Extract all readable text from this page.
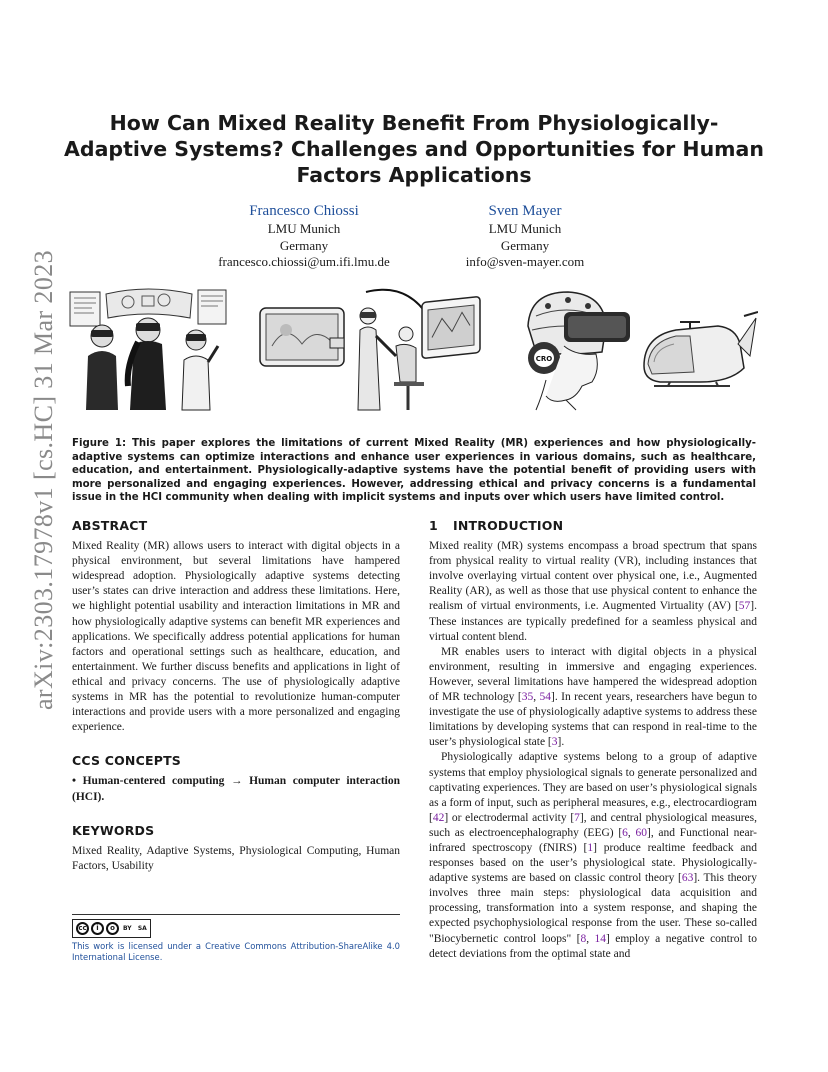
arXiv:2303.17978v1 [cs.HC] 31 Mar 2023
How Can Mixed Reality Benefit From Physiologically-Adaptive Systems? Challenges and Opportunities for Human Factors Applications
Francesco Chiossi
LMU Munich
Germany
francesco.chiossi@um.ifi.lmu.de
Sven Mayer
LMU Munich
Germany
info@sven-mayer.com
CRO
Figure 1: This paper explores the limitations of current Mixed Reality (MR) experiences and how physiologically-adaptive systems can optimize interactions and enhance user experiences in various domains, such as healthcare, education, and entertainment. Physiologically-adaptive systems have the potential benefit of providing users with more personalized and engaging experiences. However, addressing ethical and privacy concerns is a fundamental issue in the HCI community when dealing with implicit systems and inputs over which users have limited control.
ABSTRACT

Mixed Reality (MR) allows users to interact with digital objects in a physical environment, but several limitations have hampered widespread adoption. Physiologically adaptive systems detecting user’s states can drive interaction and address these limitations. Here, we highlight potential usability and interaction limitations in MR and how physiologically adaptive systems can benefit MR experiences and applications. We specifically address potential applications for human factors and operational settings such as healthcare, education, and entertainment. We further discuss benefits and applications in light of ethical and privacy concerns. The use of physiologically adaptive systems in MR has the potential to revolutionize human-computer interactions and provide users with a more personalized and engaging experience.

CCS CONCEPTS

• Human-centered computing → Human computer interaction (HCI).

KEYWORDS

Mixed Reality, Adaptive Systems, Physiological Computing, Human Factors, Usability

cc	i	o	BY   SA
This work is licensed under a Creative Commons Attribution-ShareAlike 4.0 International License.
1 INTRODUCTION

Mixed reality (MR) systems encompass a broad spectrum that spans from physical reality to virtual reality (VR), including instances that involve overlaying virtual content over physical one, i.e., Augmented Reality (AR), as well as those that use physical content to enhance the realism of virtual environments, i.e. Augmented Virtuality (AV) [57]. These instances are typically predefined for a seamless physical and virtual content blend.

MR enables users to interact with digital objects in a physical environment, resulting in immersive and engaging experiences. However, several limitations have hampered the widespread adoption of MR technology [35, 54]. In recent years, researchers have begun to investigate the use of physiologically adaptive systems to address these limitations by developing systems that can respond in real-time to the user’s physiological state [3].

Physiologically adaptive systems belong to a group of adaptive systems that employ physiological signals to generate personalized and captivating experiences. They are based on user’s physiological signals as a form of input, such as peripheral measures, e.g., electrocardiogram [42] or electrodermal activity [7], and central physiological measures, such as electroencephalography (EEG) [6, 60], and Functional near-infrared spectroscopy (fNIRS) [1] produce realtime feedback and responses based on the user’s physiological state. Physiologically-adaptive systems are based on classic control theory [63]. This theory involves three main steps: physiological data acquisition and processing, transformation into a system response, and shaping the expected psychophysiological response from the user. These so-called "Biocybernetic control loops" [8, 14] employ a negative control to detect deviations from the optimal state and
